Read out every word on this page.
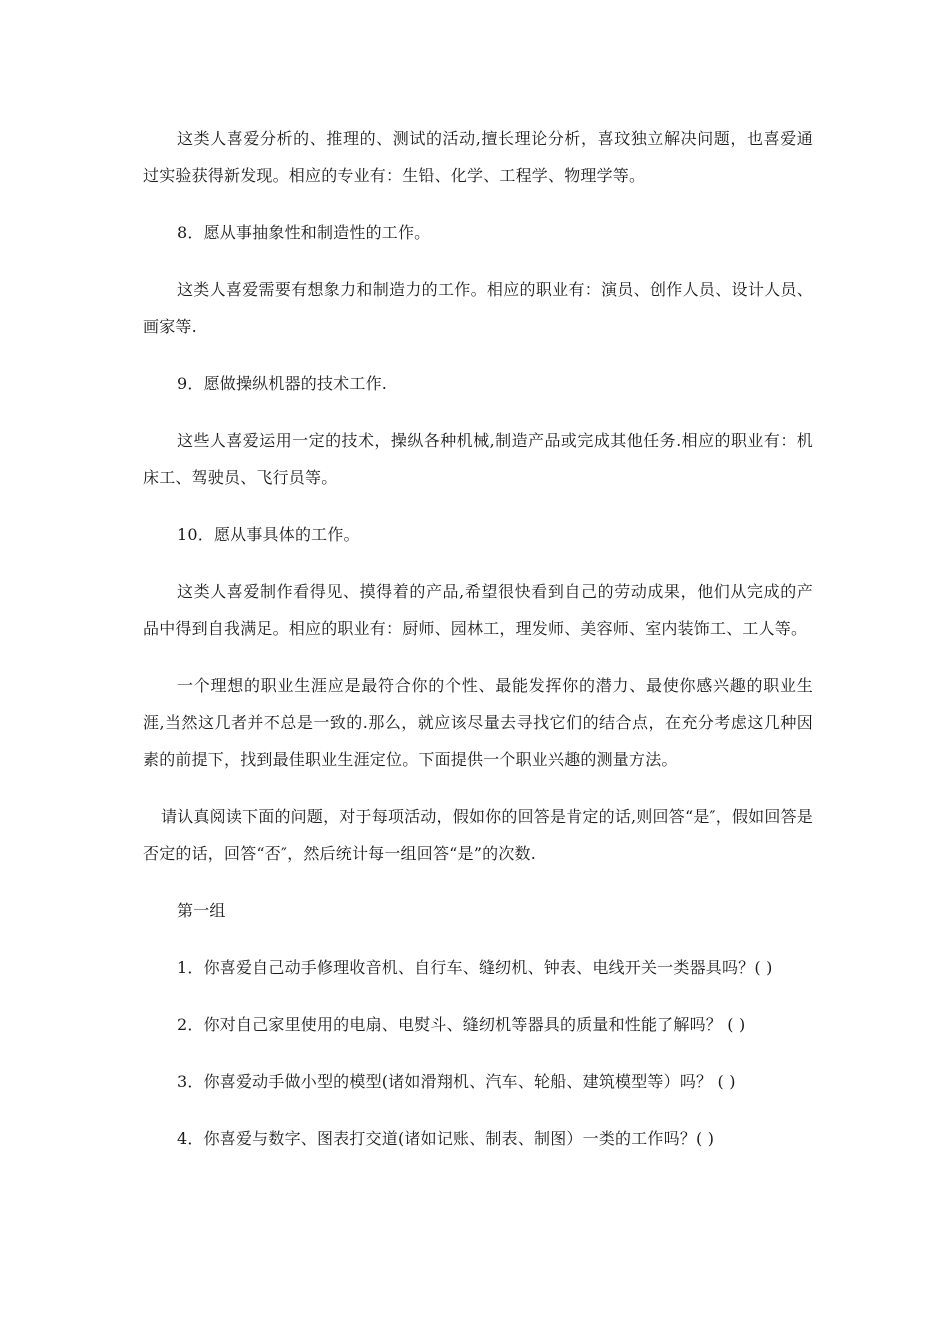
这类人喜爱分析的、推理的、测试的活动,擅长理论分析，喜玟独立解决问题，也喜爱通过实验获得新发现。相应的专业有：生铅、化学、工程学、物理学等。

8．愿从事抽象性和制造性的工作。

这类人喜爱需要有想象力和制造力的工作。相应的职业有：演员、创作人员、设计人员、画家等.

9．愿做操纵机器的技术工作.

这些人喜爱运用一定的技术，操纵各种机械,制造产品或完成其他任务.相应的职业有：机床工、驾驶员、飞行员等。

10．愿从事具体的工作。

这类人喜爱制作看得见、摸得着的产品,希望很快看到自己的劳动成果，他们从完成的产品中得到自我满足。相应的职业有：厨师、园林工，理发师、美容师、室内装饰工、工人等。

一个理想的职业生涯应是最符合你的个性、最能发挥你的潜力、最使你感兴趣的职业生涯,当然这几者并不总是一致的.那么，就应该尽量去寻找它们的结合点，在充分考虑这几种因素的前提下，找到最佳职业生涯定位。下面提供一个职业兴趣的测量方法。

请认真阅读下面的问题，对于每项活动，假如你的回答是肯定的话,则回答“是″，假如回答是否定的话，回答“否″，然后统计每一组回答“是”的次数.

第一组

1．你喜爱自己动手修理收音机、自行车、缝纫机、钟表、电线开关一类器具吗？( )

2．你对自己家里使用的电扇、电熨斗、缝纫机等器具的质量和性能了解吗？ ( )

3．你喜爱动手做小型的模型(诸如滑翔机、汽车、轮船、建筑模型等）吗？ ( )

4．你喜爱与数字、图表打交道(诸如记账、制表、制图）一类的工作吗？( )
